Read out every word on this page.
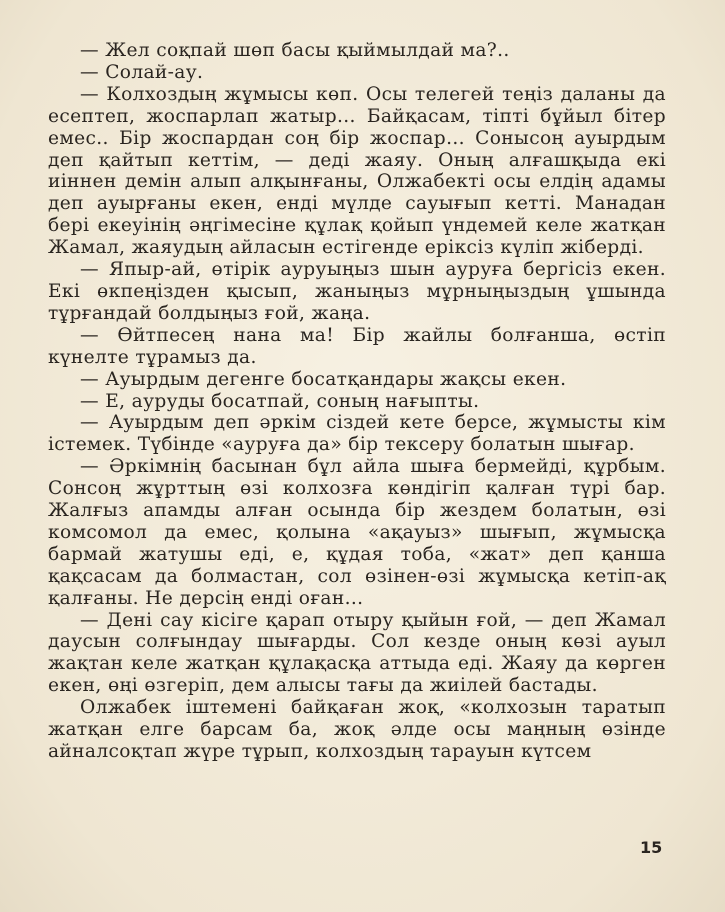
— Жел соқпай шөп басы қыймылдай ма?..

— Солай-ау.

— Колхоздың жұмысы көп. Осы телегей теңіз даланы да есептеп, жоспарлап жатыр... Байқасам, тіпті бұйыл бітер емес.. Бір жоспардан соң бір жоспар... Сонысоң ауырдым деп қайтып кеттім, — деді жаяу. Оның алғашқыда екі иіннен демін алып алқынғаны, Олжабекті осы елдің адамы деп ауырғаны екен, енді мүлде сауығып кетті. Манадан бері екеуінің әңгімесіне құлақ қойып үндемей келе жатқан Жамал, жаяудың айласын естігенде еріксіз күліп жіберді.

— Япыр-ай, өтірік ауруыңыз шын ауруға бергісіз екен. Екі өкпеңізден қысып, жаныңыз мұрныңыздың ұшында тұрғандай болдыңыз ғой, жаңа.

— Өйтпесең нана ма! Бір жайлы болғанша, өстіп күнелте тұрамыз да.

— Ауырдым дегенге босатқандары жақсы екен.

— Е, ауруды босатпай, соның нағыпты.

— Ауырдым деп әркім сіздей кете берсе, жұмысты кім істемек. Түбінде «ауруға да» бір тексеру болатын шығар.

— Әркімнің басынан бұл айла шыға бермейді, құрбым. Сонсоң жұрттың өзі колхозға көндігіп қалған түрі бар. Жалғыз апамды алған осында бір жездем болатын, өзі комсомол да емес, қолына «ақауыз» шығып, жұмысқа бармай жатушы еді, е, құдая тоба, «жат» деп қанша қақсасам да болмастан, сол өзінен-өзі жұмысқа кетіп-ақ қалғаны. Не дерсің енді оған...

— Дені сау кісіге қарап отыру қыйын ғой, — деп Жамал даусын солғындау шығарды. Сол кезде оның көзі ауыл жақтан келе жатқан құлақасқа аттыда еді. Жаяу да көрген екен, өңі өзгеріп, дем алысы тағы да жиілей бастады.

Олжабек іштемені байқаған жоқ, «колхозын таратып жатқан елге барсам ба, жоқ әлде осы маңның өзінде айналсоқтап жүре тұрып, колхоздың тарауын күтсем

15
